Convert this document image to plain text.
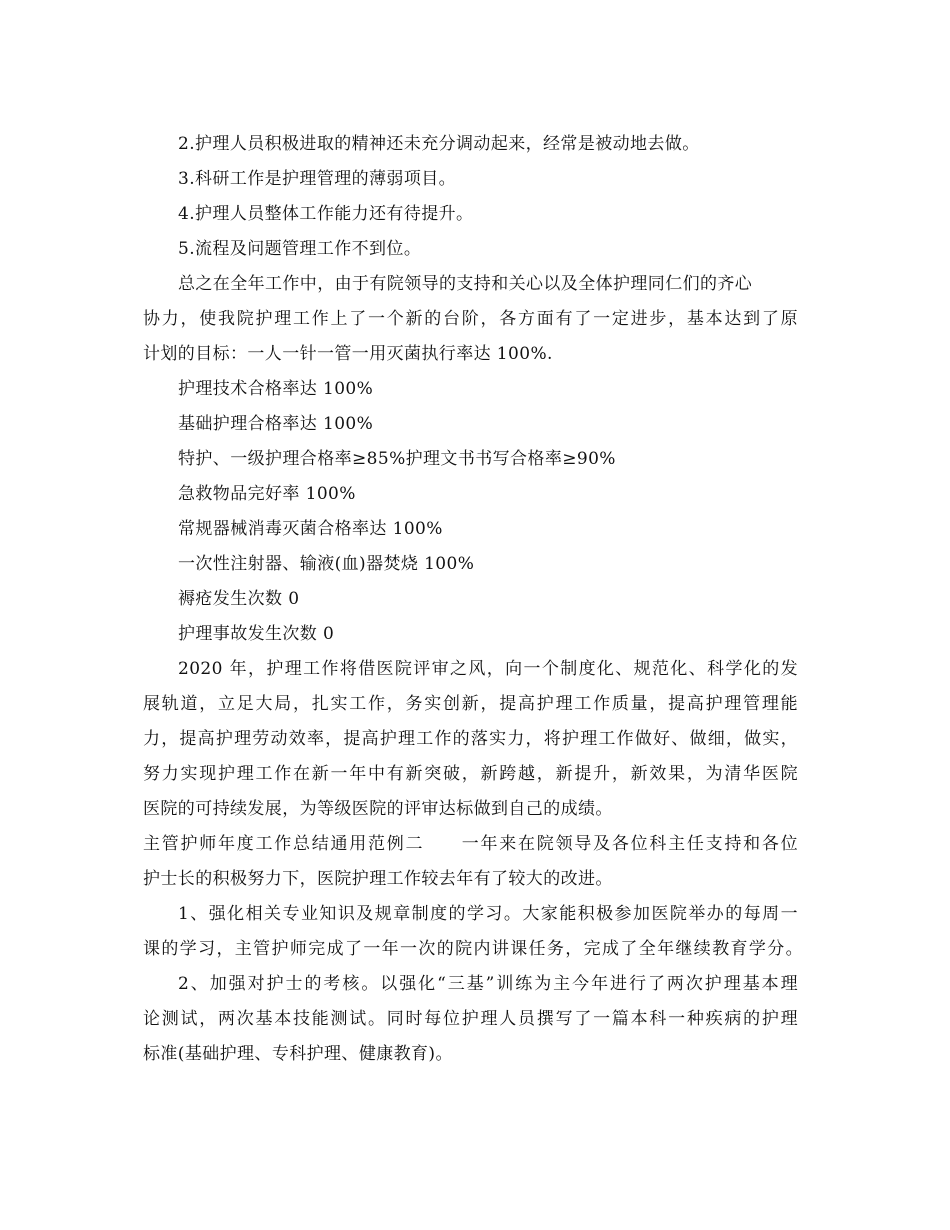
2.护理人员积极进取的精神还未充分调动起来，经常是被动地去做。
3.科研工作是护理管理的薄弱项目。
4.护理人员整体工作能力还有待提升。
5.流程及问题管理工作不到位。
总之在全年工作中，由于有院领导的支持和关心以及全体护理同仁们的齐心
协力，使我院护理工作上了一个新的台阶，各方面有了一定进步，基本达到了原
计划的目标：一人一针一管一用灭菌执行率达 100%.
护理技术合格率达 100%
基础护理合格率达 100%
特护、一级护理合格率≥85%护理文书书写合格率≥90%
急救物品完好率 100%
常规器械消毒灭菌合格率达 100%
一次性注射器、输液(血)器焚烧 100%
褥疮发生次数 0
护理事故发生次数 0
2020 年，护理工作将借医院评审之风，向一个制度化、规范化、科学化的发
展轨道，立足大局，扎实工作，务实创新，提高护理工作质量，提高护理管理能
力，提高护理劳动效率，提高护理工作的落实力，将护理工作做好、做细，做实，
努力实现护理工作在新一年中有新突破，新跨越，新提升，新效果，为清华医院
医院的可持续发展，为等级医院的评审达标做到自己的成绩。
主管护师年度工作总结通用范例二　　一年来在院领导及各位科主任支持和各位
护士长的积极努力下，医院护理工作较去年有了较大的改进。
1、强化相关专业知识及规章制度的学习。大家能积极参加医院举办的每周一
课的学习，主管护师完成了一年一次的院内讲课任务，完成了全年继续教育学分。
2、加强对护士的考核。以强化“三基”训练为主今年进行了两次护理基本理
论测试，两次基本技能测试。同时每位护理人员撰写了一篇本科一种疾病的护理
标准(基础护理、专科护理、健康教育)。
